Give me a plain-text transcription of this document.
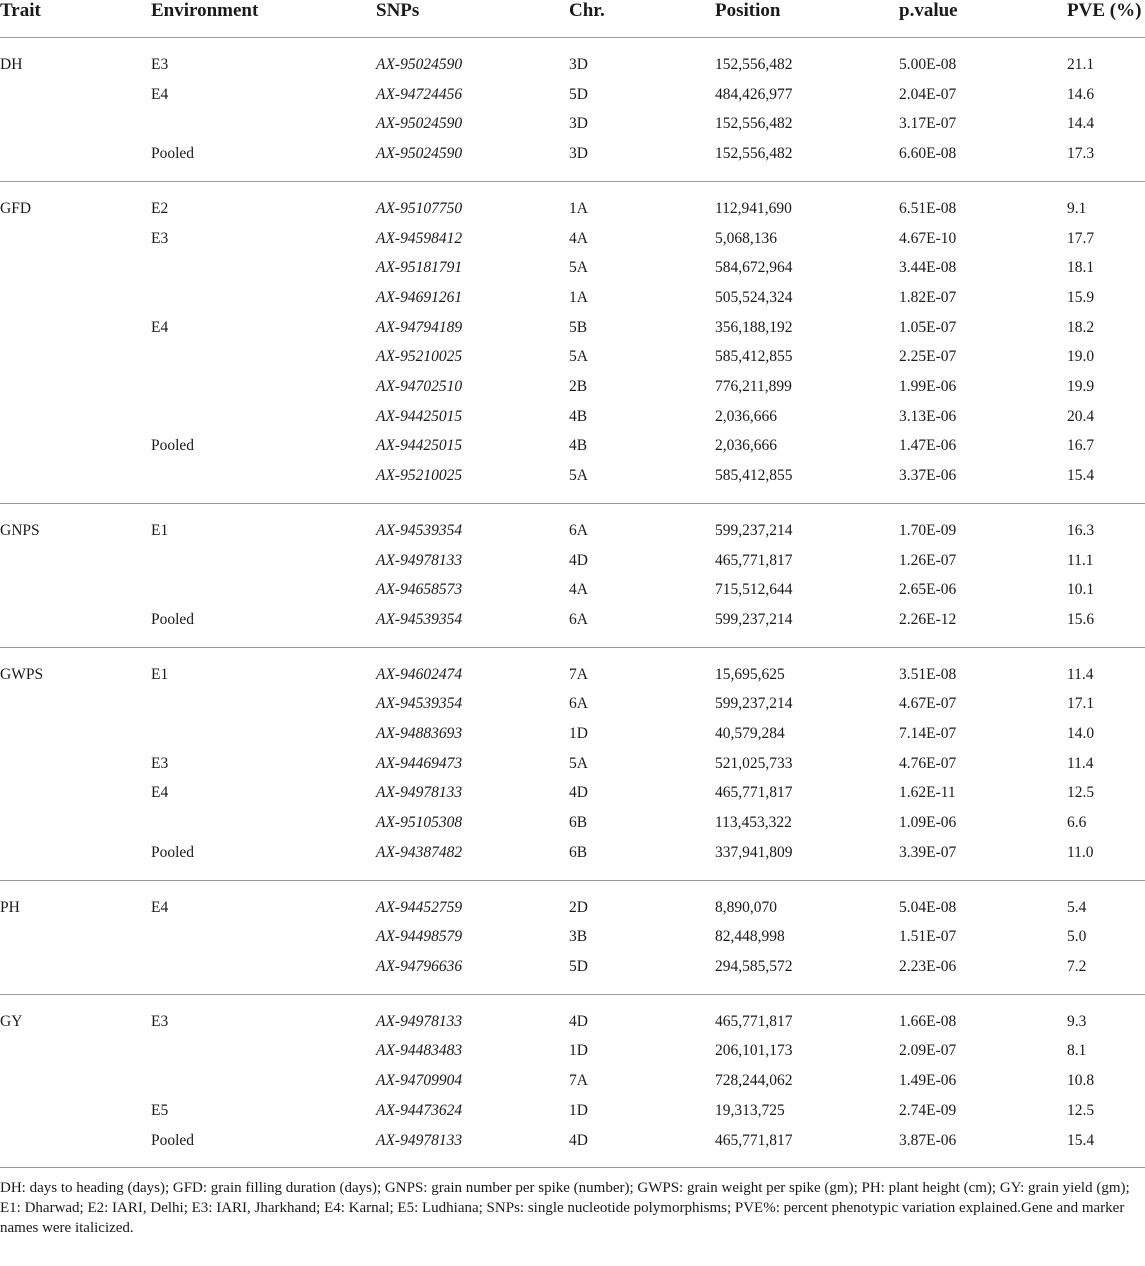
Trait	Environment	SNPs	Chr.	Position	p.value	PVE (%)
DH	E3	AX-95024590	3D	152,556,482	5.00E-08	21.1
	E4	AX-94724456	5D	484,426,977	2.04E-07	14.6
		AX-95024590	3D	152,556,482	3.17E-07	14.4
	Pooled	AX-95024590	3D	152,556,482	6.60E-08	17.3
GFD	E2	AX-95107750	1A	112,941,690	6.51E-08	9.1
	E3	AX-94598412	4A	5,068,136	4.67E-10	17.7
		AX-95181791	5A	584,672,964	3.44E-08	18.1
		AX-94691261	1A	505,524,324	1.82E-07	15.9
	E4	AX-94794189	5B	356,188,192	1.05E-07	18.2
		AX-95210025	5A	585,412,855	2.25E-07	19.0
		AX-94702510	2B	776,211,899	1.99E-06	19.9
		AX-94425015	4B	2,036,666	3.13E-06	20.4
	Pooled	AX-94425015	4B	2,036,666	1.47E-06	16.7
		AX-95210025	5A	585,412,855	3.37E-06	15.4
GNPS	E1	AX-94539354	6A	599,237,214	1.70E-09	16.3
		AX-94978133	4D	465,771,817	1.26E-07	11.1
		AX-94658573	4A	715,512,644	2.65E-06	10.1
	Pooled	AX-94539354	6A	599,237,214	2.26E-12	15.6
GWPS	E1	AX-94602474	7A	15,695,625	3.51E-08	11.4
		AX-94539354	6A	599,237,214	4.67E-07	17.1
		AX-94883693	1D	40,579,284	7.14E-07	14.0
	E3	AX-94469473	5A	521,025,733	4.76E-07	11.4
	E4	AX-94978133	4D	465,771,817	1.62E-11	12.5
		AX-95105308	6B	113,453,322	1.09E-06	6.6
	Pooled	AX-94387482	6B	337,941,809	3.39E-07	11.0
PH	E4	AX-94452759	2D	8,890,070	5.04E-08	5.4
		AX-94498579	3B	82,448,998	1.51E-07	5.0
		AX-94796636	5D	294,585,572	2.23E-06	7.2
GY	E3	AX-94978133	4D	465,771,817	1.66E-08	9.3
		AX-94483483	1D	206,101,173	2.09E-07	8.1
		AX-94709904	7A	728,244,062	1.49E-06	10.8
	E5	AX-94473624	1D	19,313,725	2.74E-09	12.5
	Pooled	AX-94978133	4D	465,771,817	3.87E-06	15.4
DH: days to heading (days); GFD: grain filling duration (days); GNPS: grain number per spike (number); GWPS: grain weight per spike (gm); PH: plant height (cm); GY: grain yield (gm); E1: Dharwad; E2: IARI, Delhi; E3: IARI, Jharkhand; E4: Karnal; E5: Ludhiana; SNPs: single nucleotide polymorphisms; PVE%: percent phenotypic variation explained.Gene and marker names were italicized.
